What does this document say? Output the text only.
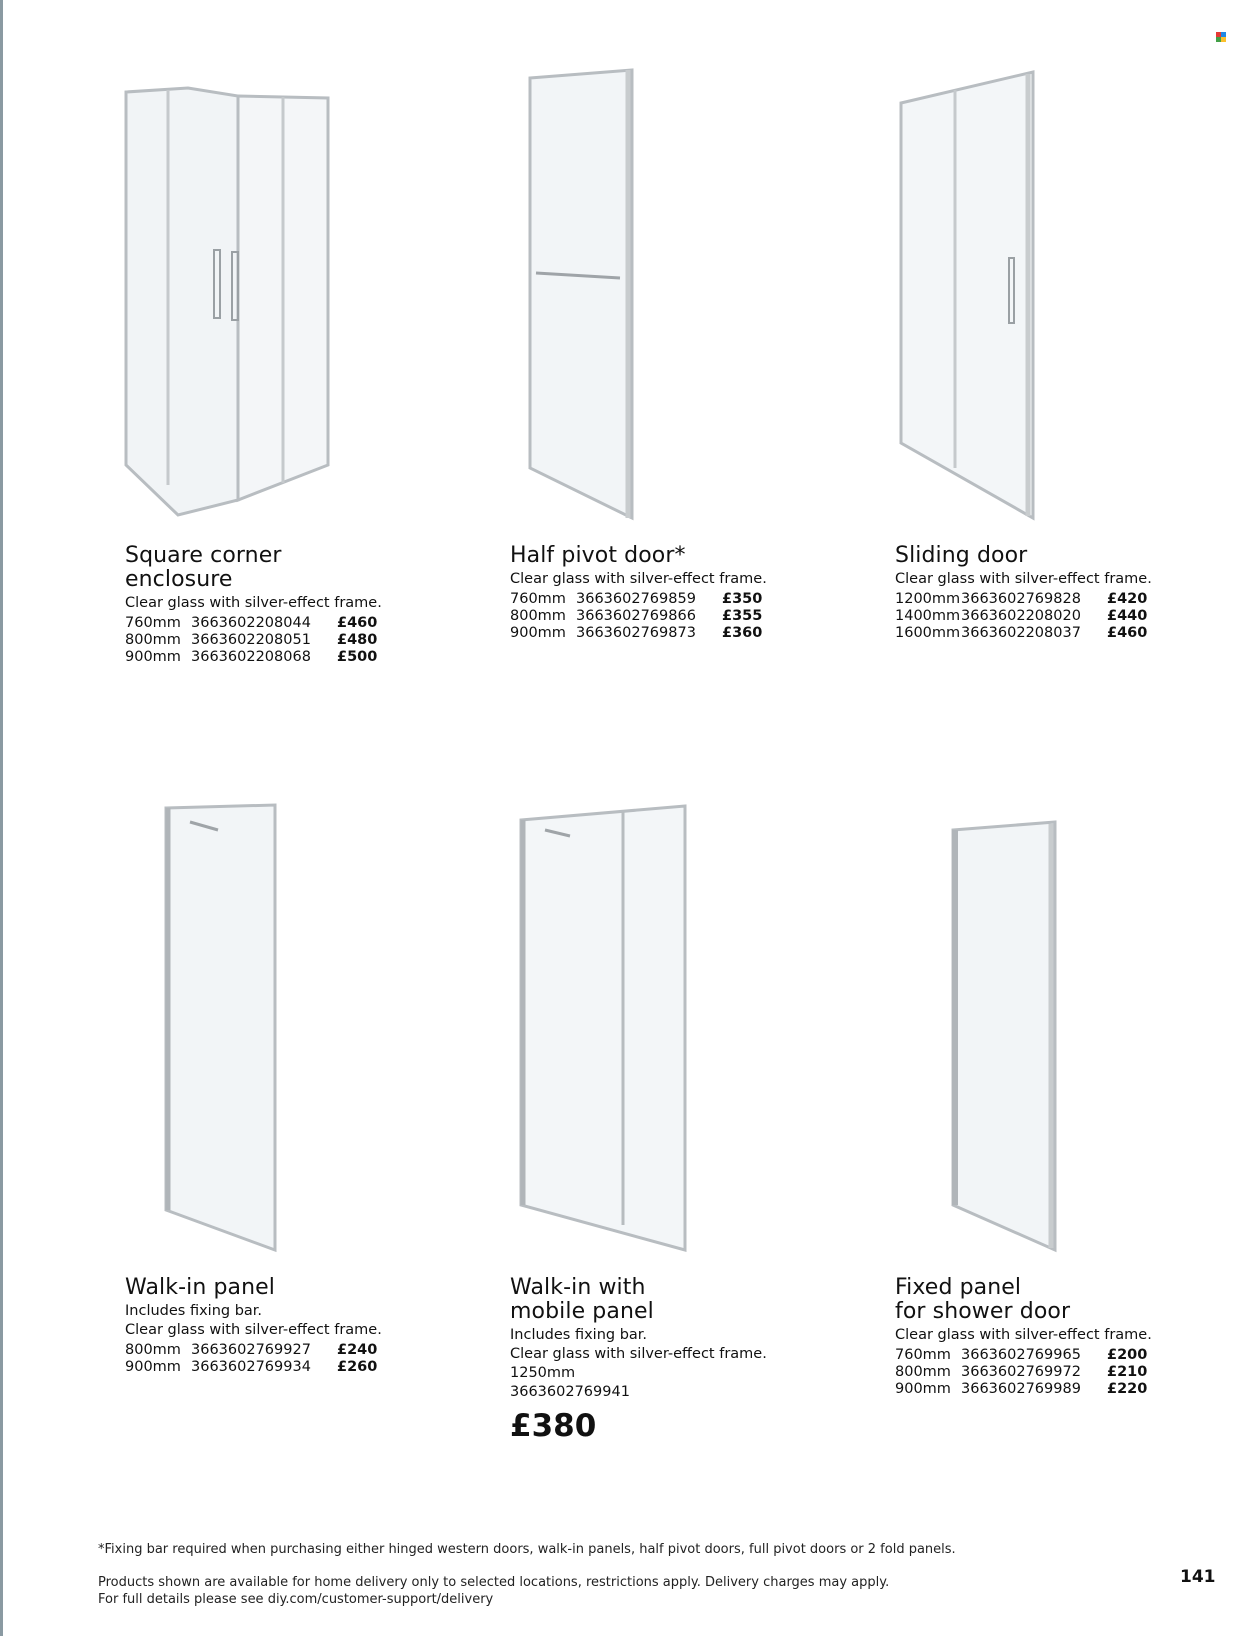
Square corner
enclosure
Clear glass with silver-effect frame.
760mm 3663602208044 £460
800mm 3663602208051 £480
900mm 3663602208068 £500
Half pivot door*
Clear glass with silver-effect frame.
760mm 3663602769859 £350
800mm 3663602769866 £355
900mm 3663602769873 £360
Sliding door
Clear glass with silver-effect frame.
1200mm 3663602769828 £420
1400mm 3663602208020 £440
1600mm 3663602208037 £460
Walk-in panel
Includes fixing bar.
Clear glass with silver-effect frame.
800mm 3663602769927 £240
900mm 3663602769934 £260
Walk-in with
mobile panel
Includes fixing bar.
Clear glass with silver-effect frame.
1250mm
3663602769941
£380
Fixed panel
for shower door
Clear glass with silver-effect frame.
760mm 3663602769965 £200
800mm 3663602769972 £210
900mm 3663602769989 £220
*Fixing bar required when purchasing either hinged western doors, walk-in panels, half pivot doors, full pivot doors or 2 fold panels.
Products shown are available for home delivery only to selected locations, restrictions apply. Delivery charges may apply.
For full details please see diy.com/customer-support/delivery
141
